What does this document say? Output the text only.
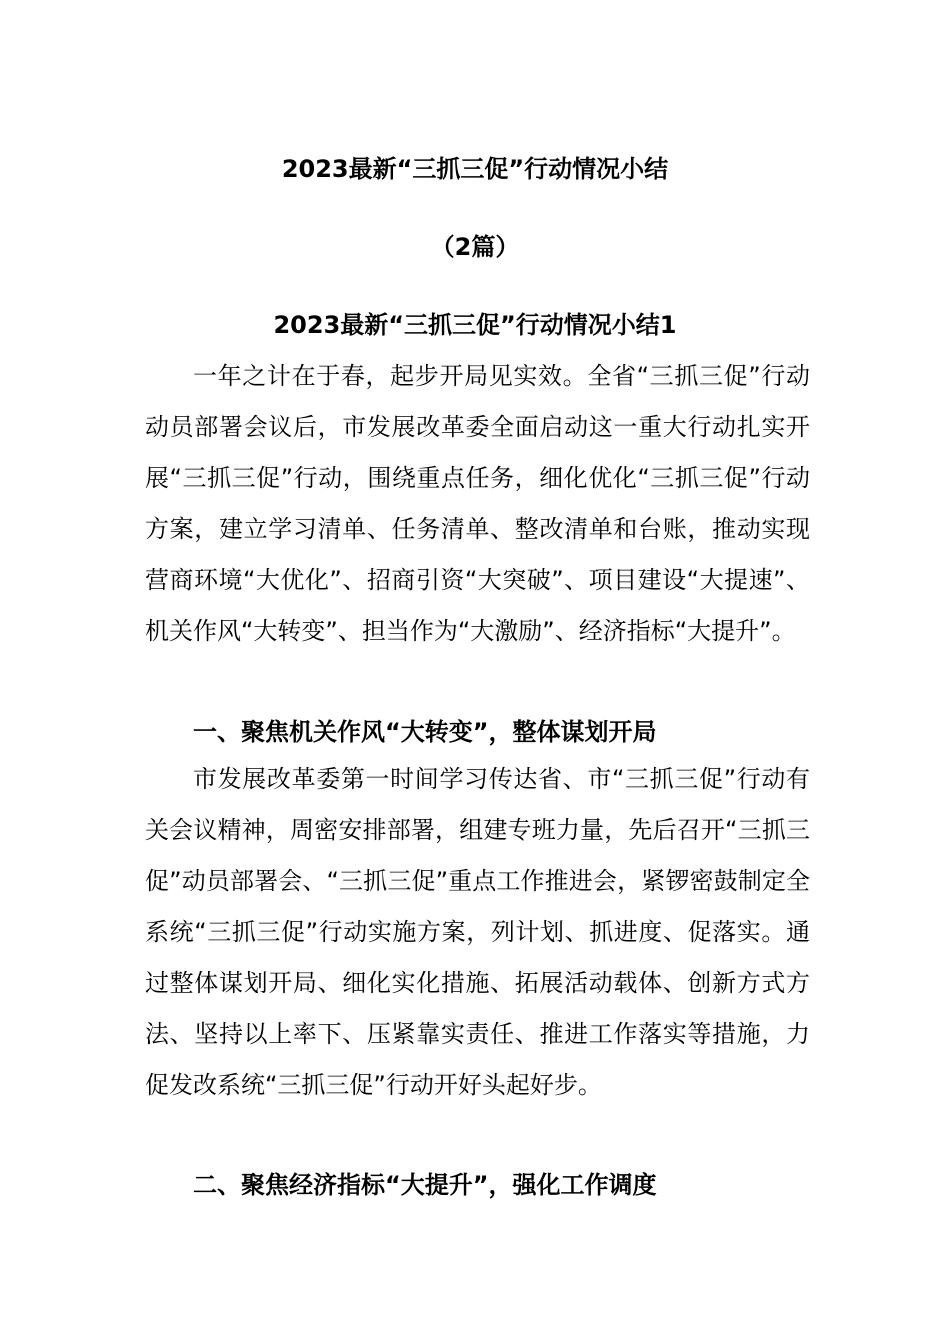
2023最新“三抓三促”行动情况小结
（2篇）
2023最新“三抓三促”行动情况小结1

一年之计在于春，起步开局见实效。全省“三抓三促”行动动员部署会议后，市发展改革委全面启动这一重大行动扎实开展“三抓三促”行动，围绕重点任务，细化优化“三抓三促”行动方案，建立学习清单、任务清单、整改清单和台账，推动实现营商环境“大优化”、招商引资“大突破”、项目建设“大提速”、机关作风“大转变”、担当作为“大激励”、经济指标“大提升”。

一、聚焦机关作风“大转变”，整体谋划开局

市发展改革委第一时间学习传达省、市“三抓三促”行动有关会议精神，周密安排部署，组建专班力量，先后召开“三抓三促”动员部署会、“三抓三促”重点工作推进会，紧锣密鼓制定全系统“三抓三促”行动实施方案，列计划、抓进度、促落实。通过整体谋划开局、细化实化措施、拓展活动载体、创新方式方法、坚持以上率下、压紧靠实责任、推进工作落实等措施，力促发改系统“三抓三促”行动开好头起好步。

二、聚焦经济指标“大提升”，强化工作调度
